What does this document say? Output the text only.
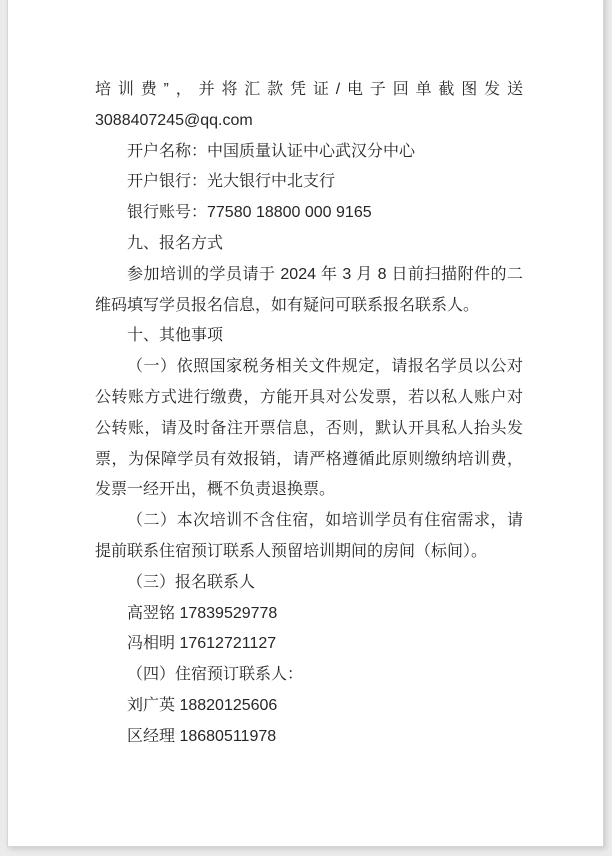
培训费”，并将汇款凭证/电子回单截图发送
3088407245@qq.com
开户名称：中国质量认证中心武汉分中心
开户银行：光大银行中北支行
银行账号：77580 18800 000 9165
九、报名方式
参加培训的学员请于 2024 年 3 月 8 日前扫描附件的二
维码填写学员报名信息，如有疑问可联系报名联系人。
十、其他事项
（一）依照国家税务相关文件规定，请报名学员以公对
公转账方式进行缴费，方能开具对公发票，若以私人账户对
公转账，请及时备注开票信息，否则，默认开具私人抬头发
票，为保障学员有效报销，请严格遵循此原则缴纳培训费，
发票一经开出，概不负责退换票。
（二）本次培训不含住宿，如培训学员有住宿需求，请
提前联系住宿预订联系人预留培训期间的房间（标间）。
（三）报名联系人
高翌铭 17839529778
冯相明 17612721127
（四）住宿预订联系人：
刘广英 18820125606
区经理 18680511978
